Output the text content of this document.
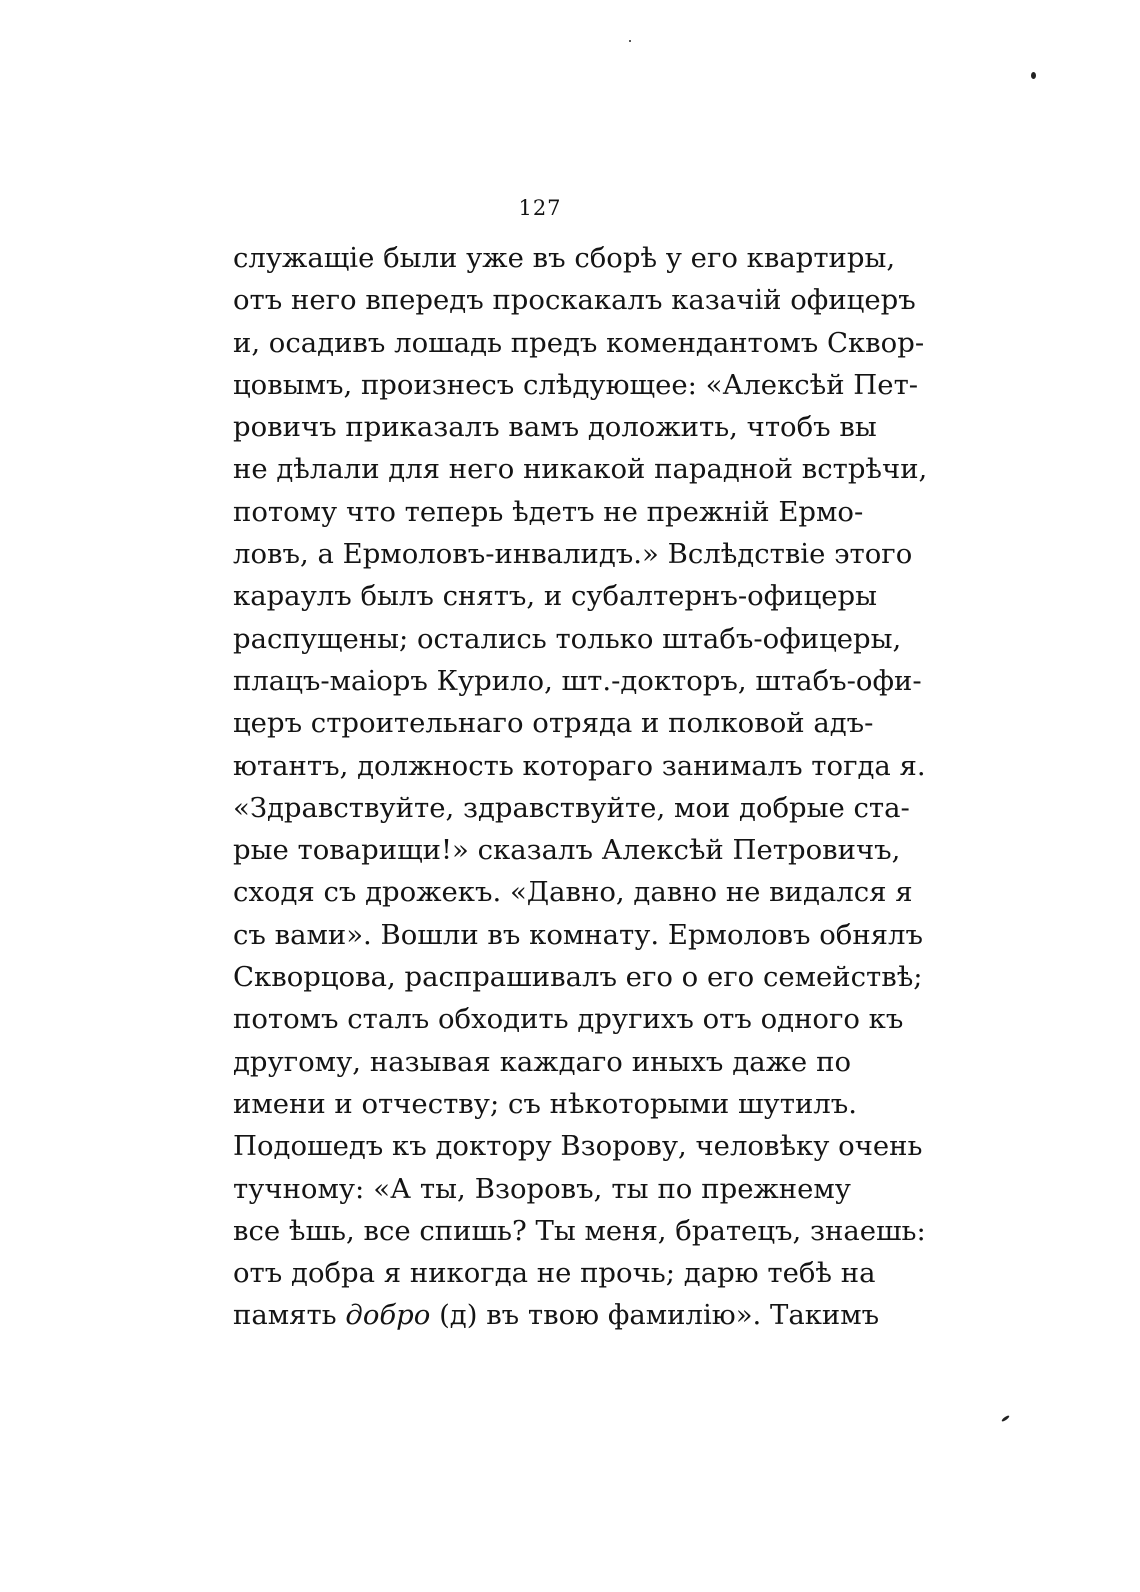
127
служащіе были уже въ сборѣ у его квартиры,
отъ него впередъ проскакалъ казачій офицеръ
и, осадивъ лошадь предъ комендантомъ Сквор-
цовымъ, произнесъ слѣдующее: «Алексѣй Пет-
ровичъ приказалъ вамъ доложить, чтобъ вы
не дѣлали для него никакой парадной встрѣчи,
потому что теперь ѣдетъ не прежній Ермо-
ловъ, а Ермоловъ-инвалидъ.» Вслѣдствіе этого
караулъ былъ снятъ, и субалтернъ-офицеры
распущены; остались только штабъ-офицеры,
плацъ-маіоръ Курило, шт.-докторъ, штабъ-офи-
церъ строительнаго отряда и полковой адъ-
ютантъ, должность котораго занималъ тогда я.
«Здравствуйте, здравствуйте, мои добрые ста-
рые товарищи!» сказалъ Алексѣй Петровичъ,
сходя съ дрожекъ. «Давно, давно не видался я
съ вами». Вошли въ комнату. Ермоловъ обнялъ
Скворцова, распрашивалъ его о его семействѣ;
потомъ сталъ обходить другихъ отъ одного къ
другому, называя каждаго иныхъ даже по
имени и отчеству; съ нѣкоторыми шутилъ.
Подошедъ къ доктору Взорову, человѣку очень
тучному: «А ты, Взоровъ, ты по прежнему
все ѣшь, все спишь? Ты меня, братецъ, знаешь:
отъ добра я никогда не прочь; дарю тебѣ на
память добро (д) въ твою фамилію». Такимъ
